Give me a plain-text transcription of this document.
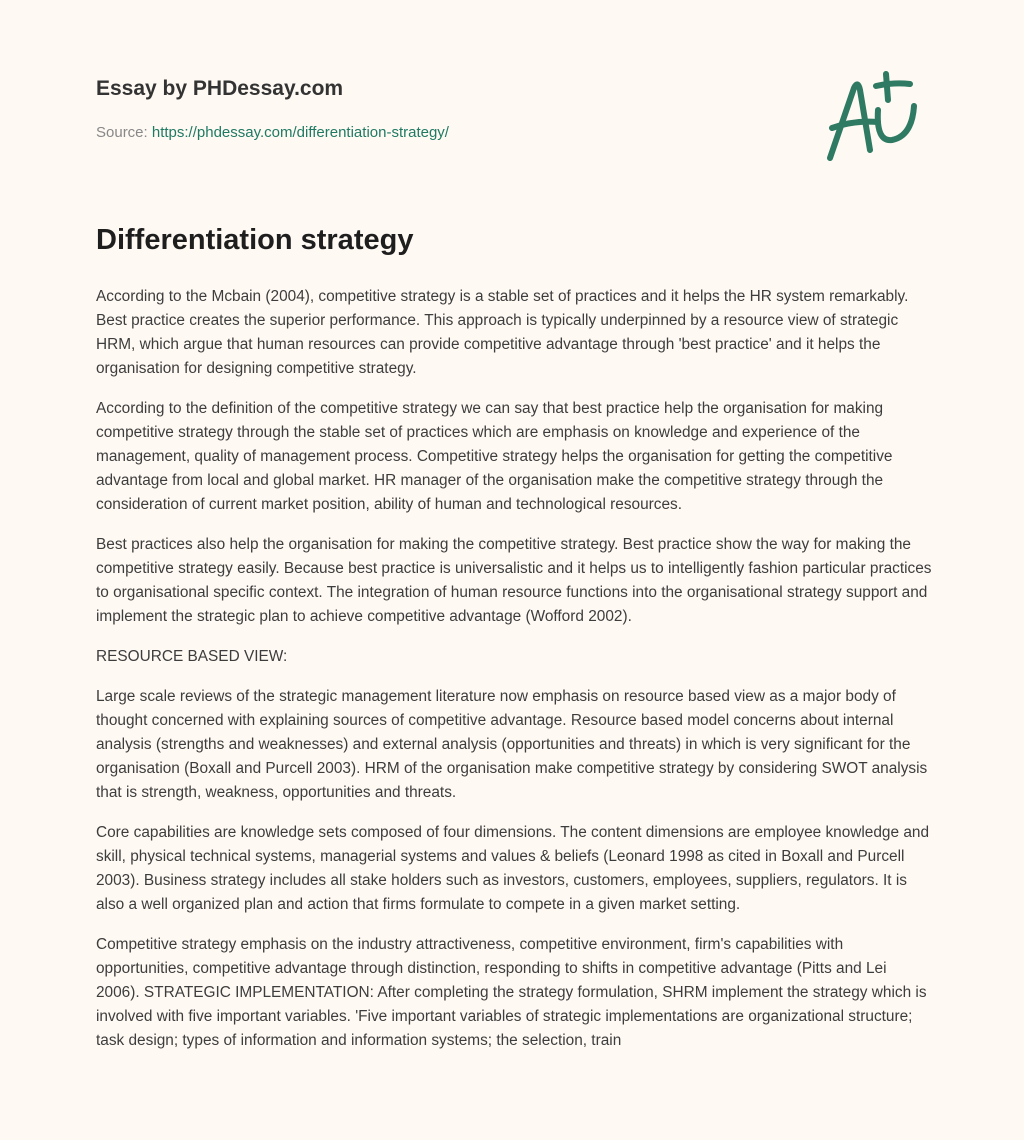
Essay by PHDessay.com

Source: https://phdessay.com/differentiation-strategy/
Differentiation strategy

According to the Mcbain (2004), competitive strategy is a stable set of practices and it helps the HR system remarkably. Best practice creates the superior performance. This approach is typically underpinned by a resource view of strategic HRM, which argue that human resources can provide competitive advantage through 'best practice' and it helps the organisation for designing competitive strategy.

According to the definition of the competitive strategy we can say that best practice help the organisation for making competitive strategy through the stable set of practices which are emphasis on knowledge and experience of the management, quality of management process. Competitive strategy helps the organisation for getting the competitive advantage from local and global market. HR manager of the organisation make the competitive strategy through the consideration of current market position, ability of human and technological resources.

Best practices also help the organisation for making the competitive strategy. Best practice show the way for making the competitive strategy easily. Because best practice is universalistic and it helps us to intelligently fashion particular practices to organisational specific context. The integration of human resource functions into the organisational strategy support and implement the strategic plan to achieve competitive advantage (Wofford 2002).

RESOURCE BASED VIEW:

Large scale reviews of the strategic management literature now emphasis on resource based view as a major body of thought concerned with explaining sources of competitive advantage. Resource based model concerns about internal analysis (strengths and weaknesses) and external analysis (opportunities and threats) in which is very significant for the organisation (Boxall and Purcell 2003). HRM of the organisation make competitive strategy by considering SWOT analysis that is strength, weakness, opportunities and threats.

Core capabilities are knowledge sets composed of four dimensions. The content dimensions are employee knowledge and skill, physical technical systems, managerial systems and values & beliefs (Leonard 1998 as cited in Boxall and Purcell 2003). Business strategy includes all stake holders such as investors, customers, employees, suppliers, regulators. It is also a well organized plan and action that firms formulate to compete in a given market setting.

Competitive strategy emphasis on the industry attractiveness, competitive environment, firm's capabilities with opportunities, competitive advantage through distinction, responding to shifts in competitive advantage (Pitts and Lei 2006). STRATEGIC IMPLEMENTATION: After completing the strategy formulation, SHRM implement the strategy which is involved with five important variables. 'Five important variables of strategic implementations are organizational structure; task design; types of information and information systems; the selection, train
